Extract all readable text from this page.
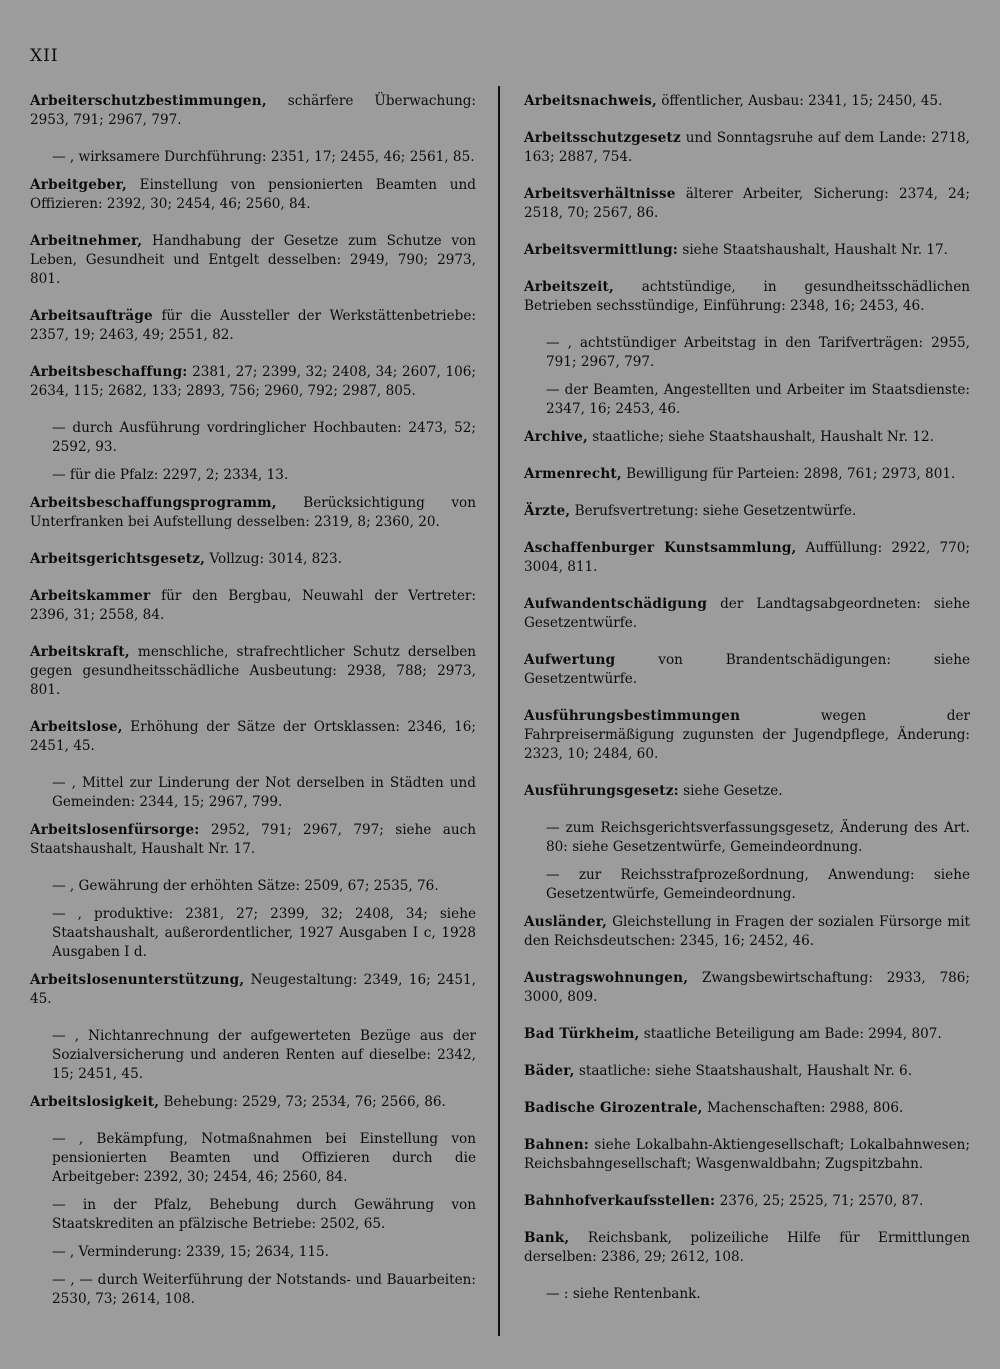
XII
Arbeiterschutzbestimmungen, schärfere Überwachung: 2953, 791; 2967, 797.
— , wirksamere Durchführung: 2351, 17; 2455, 46; 2561, 85.
Arbeitgeber, Einstellung von pensionierten Beamten und Offizieren: 2392, 30; 2454, 46; 2560, 84.
Arbeitnehmer, Handhabung der Gesetze zum Schutze von Leben, Gesundheit und Entgelt desselben: 2949, 790; 2973, 801.
Arbeitsaufträge für die Aussteller der Werkstättenbetriebe: 2357, 19; 2463, 49; 2551, 82.
Arbeitsbeschaffung: 2381, 27; 2399, 32; 2408, 34; 2607, 106; 2634, 115; 2682, 133; 2893, 756; 2960, 792; 2987, 805.
— durch Ausführung vordringlicher Hochbauten: 2473, 52; 2592, 93.
— für die Pfalz: 2297, 2; 2334, 13.
Arbeitsbeschaffungsprogramm, Berücksichtigung von Unterfranken bei Aufstellung desselben: 2319, 8; 2360, 20.
Arbeitsgerichtsgesetz, Vollzug: 3014, 823.
Arbeitskammer für den Bergbau, Neuwahl der Vertreter: 2396, 31; 2558, 84.
Arbeitskraft, menschliche, strafrechtlicher Schutz derselben gegen gesundheitsschädliche Ausbeutung: 2938, 788; 2973, 801.
Arbeitslose, Erhöhung der Sätze der Ortsklassen: 2346, 16; 2451, 45.
— , Mittel zur Linderung der Not derselben in Städten und Gemeinden: 2344, 15; 2967, 799.
Arbeitslosenfürsorge: 2952, 791; 2967, 797; siehe auch Staatshaushalt, Haushalt Nr. 17.
— , Gewährung der erhöhten Sätze: 2509, 67; 2535, 76.
— , produktive: 2381, 27; 2399, 32; 2408, 34; siehe Staatshaushalt, außerordentlicher, 1927 Ausgaben I c, 1928 Ausgaben I d.
Arbeitslosenunterstützung, Neugestaltung: 2349, 16; 2451, 45.
— , Nichtanrechnung der aufgewerteten Bezüge aus der Sozialversicherung und anderen Renten auf dieselbe: 2342, 15; 2451, 45.
Arbeitslosigkeit, Behebung: 2529, 73; 2534, 76; 2566, 86.
— , Bekämpfung, Notmaßnahmen bei Einstellung von pensionierten Beamten und Offizieren durch die Arbeitgeber: 2392, 30; 2454, 46; 2560, 84.
— in der Pfalz, Behebung durch Gewährung von Staatskrediten an pfälzische Betriebe: 2502, 65.
— , Verminderung: 2339, 15; 2634, 115.
— , — durch Weiterführung der Notstands- und Bauarbeiten: 2530, 73; 2614, 108.
Arbeitsnachweis, öffentlicher, Ausbau: 2341, 15; 2450, 45.
Arbeitsschutzgesetz und Sonntagsruhe auf dem Lande: 2718, 163; 2887, 754.
Arbeitsverhältnisse älterer Arbeiter, Sicherung: 2374, 24; 2518, 70; 2567, 86.
Arbeitsvermittlung: siehe Staatshaushalt, Haushalt Nr. 17.
Arbeitszeit, achtstündige, in gesundheitsschädlichen Betrieben sechsstündige, Einführung: 2348, 16; 2453, 46.
— , achtstündiger Arbeitstag in den Tarifverträgen: 2955, 791; 2967, 797.
— der Beamten, Angestellten und Arbeiter im Staatsdienste: 2347, 16; 2453, 46.
Archive, staatliche; siehe Staatshaushalt, Haushalt Nr. 12.
Armenrecht, Bewilligung für Parteien: 2898, 761; 2973, 801.
Ärzte, Berufsvertretung: siehe Gesetzentwürfe.
Aschaffenburger Kunstsammlung, Auffüllung: 2922, 770; 3004, 811.
Aufwandentschädigung der Landtagsabgeordneten: siehe Gesetzentwürfe.
Aufwertung von Brandentschädigungen: siehe Gesetzentwürfe.
Ausführungsbestimmungen wegen der Fahrpreisermäßigung zugunsten der Jugendpflege, Änderung: 2323, 10; 2484, 60.
Ausführungsgesetz: siehe Gesetze.
— zum Reichsgerichtsverfassungsgesetz, Änderung des Art. 80: siehe Gesetzentwürfe, Gemeindeordnung.
— zur Reichsstrafprozeßordnung, Anwendung: siehe Gesetzentwürfe, Gemeindeordnung.
Ausländer, Gleichstellung in Fragen der sozialen Fürsorge mit den Reichsdeutschen: 2345, 16; 2452, 46.
Austragswohnungen, Zwangsbewirtschaftung: 2933, 786; 3000, 809.
Bad Türkheim, staatliche Beteiligung am Bade: 2994, 807.
Bäder, staatliche: siehe Staatshaushalt, Haushalt Nr. 6.
Badische Girozentrale, Machenschaften: 2988, 806.
Bahnen: siehe Lokalbahn-Aktiengesellschaft; Lokalbahnwesen; Reichsbahngesellschaft; Wasgenwaldbahn; Zugspitzbahn.
Bahnhofverkaufsstellen: 2376, 25; 2525, 71; 2570, 87.
Bank, Reichsbank, polizeiliche Hilfe für Ermittlungen derselben: 2386, 29; 2612, 108.
— : siehe Rentenbank.
